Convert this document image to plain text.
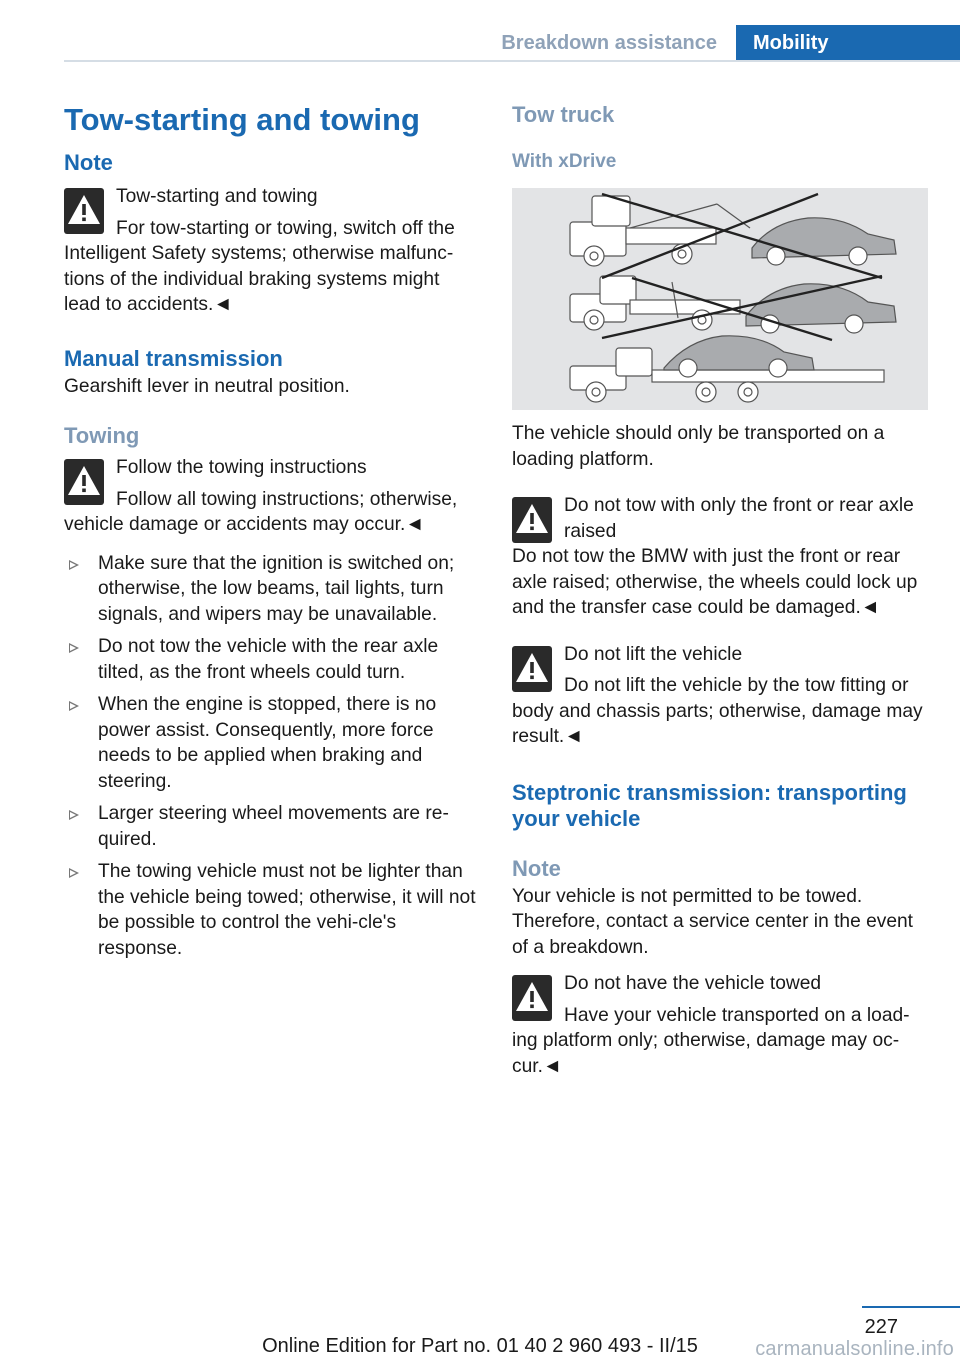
Breakdown assistance	Mobility
Tow-starting and towing
Note
Tow-starting and towing
For tow-starting or towing, switch off the Intelligent Safety systems; otherwise malfunc‐tions of the individual braking systems might lead to accidents.◄
Manual transmission

Gearshift lever in neutral position.

Towing
Follow the towing instructions
Follow all towing instructions; otherwise, vehicle damage or accidents may occur.◄
Make sure that the ignition is switched on; otherwise, the low beams, tail lights, turn signals, and wipers may be unavailable.
Do not tow the vehicle with the rear axle tilted, as the front wheels could turn.
When the engine is stopped, there is no power assist. Consequently, more force needs to be applied when braking and steering.
Larger steering wheel movements are re‐quired.
The towing vehicle must not be lighter than the vehicle being towed; otherwise, it will not be possible to control the vehi‐cle's response.
Tow truck
With xDrive

The vehicle should only be transported on a loading platform.

Do not tow with only the front or rear axle raised
Do not tow the BMW with just the front or rear axle raised; otherwise, the wheels could lock up and the transfer case could be damaged.◄
Do not lift the vehicle
Do not lift the vehicle by the tow fitting or body and chassis parts; otherwise, damage may result.◄
Steptronic transmission: transporting your vehicle
Note

Your vehicle is not permitted to be towed. Therefore, contact a service center in the event of a breakdown.

Do not have the vehicle towed
Have your vehicle transported on a load‐ing platform only; otherwise, damage may oc‐cur.◄
227
Online Edition for Part no. 01 40 2 960 493 - II/15	carmanualsonline.info
